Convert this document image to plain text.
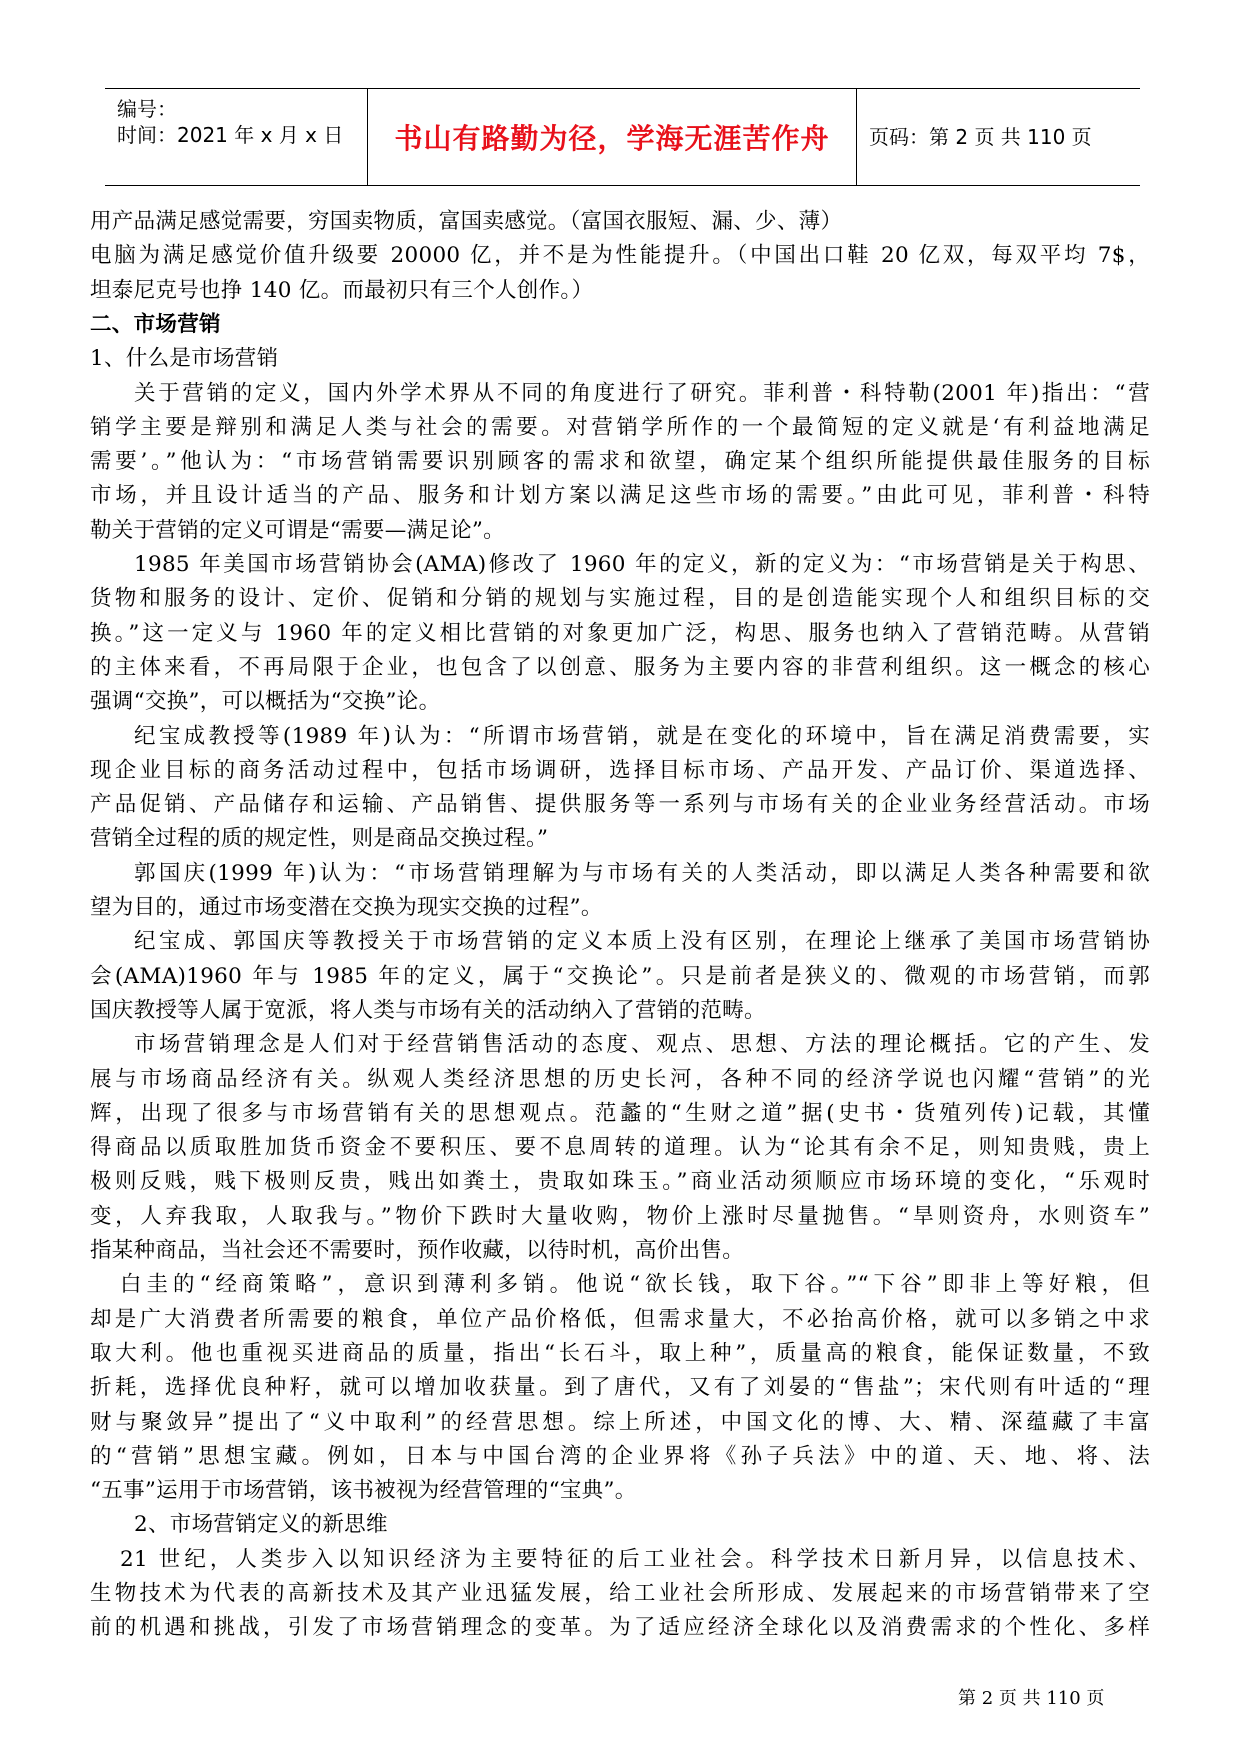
编号：
时间：2021 年 x 月 x 日	书山有路勤为径，学海无涯苦作舟	页码：第 2 页 共 110 页
用产品满足感觉需要，穷国卖物质，富国卖感觉。（富国衣服短、漏、少、薄）
电脑为满足感觉价值升级要 20000 亿，并不是为性能提升。（中国出口鞋 20 亿双，每双平均 7$，
坦泰尼克号也挣 140 亿。而最初只有三个人创作。）
二、市场营销
1、什么是市场营销
关于营销的定义，国内外学术界从不同的角度进行了研究。菲利普・科特勒(2001 年)指出：“营
销学主要是辩别和满足人类与社会的需要。对营销学所作的一个最简短的定义就是‘有利益地满足
需要’。”他认为：“市场营销需要识别顾客的需求和欲望，确定某个组织所能提供最佳服务的目标
市场，并且设计适当的产品、服务和计划方案以满足这些市场的需要。”由此可见，菲利普・科特
勒关于营销的定义可谓是“需要—满足论”。
1985 年美国市场营销协会(AMA)修改了 1960 年的定义，新的定义为：“市场营销是关于构思、
货物和服务的设计、定价、促销和分销的规划与实施过程，目的是创造能实现个人和组织目标的交
换。”这一定义与 1960 年的定义相比营销的对象更加广泛，构思、服务也纳入了营销范畴。从营销
的主体来看，不再局限于企业，也包含了以创意、服务为主要内容的非营利组织。这一概念的核心
强调“交换”，可以概括为“交换”论。
纪宝成教授等(1989 年)认为：“所谓市场营销，就是在变化的环境中，旨在满足消费需要，实
现企业目标的商务活动过程中，包括市场调研，选择目标市场、产品开发、产品订价、渠道选择、
产品促销、产品储存和运输、产品销售、提供服务等一系列与市场有关的企业业务经营活动。市场
营销全过程的质的规定性，则是商品交换过程。”
郭国庆(1999 年)认为：“市场营销理解为与市场有关的人类活动，即以满足人类各种需要和欲
望为目的，通过市场变潜在交换为现实交换的过程”。
纪宝成、郭国庆等教授关于市场营销的定义本质上没有区别，在理论上继承了美国市场营销协
会(AMA)1960 年与 1985 年的定义，属于“交换论”。只是前者是狭义的、微观的市场营销，而郭
国庆教授等人属于宽派，将人类与市场有关的活动纳入了营销的范畴。
市场营销理念是人们对于经营销售活动的态度、观点、思想、方法的理论概括。它的产生、发
展与市场商品经济有关。纵观人类经济思想的历史长河，各种不同的经济学说也闪耀“营销”的光
辉，出现了很多与市场营销有关的思想观点。范蠡的“生财之道”据(史书・货殖列传)记载，其懂
得商品以质取胜加货币资金不要积压、要不息周转的道理。认为“论其有余不足，则知贵贱，贵上
极则反贱，贱下极则反贵，贱出如粪土，贵取如珠玉。”商业活动须顺应市场环境的变化，“乐观时
变，人弃我取，人取我与。”物价下跌时大量收购，物价上涨时尽量抛售。“旱则资舟，水则资车”
指某种商品，当社会还不需要时，预作收藏，以待时机，高价出售。
白圭的“经商策略”，意识到薄利多销。他说“欲长钱，取下谷。”“下谷”即非上等好粮，但
却是广大消费者所需要的粮食，单位产品价格低，但需求量大，不必抬高价格，就可以多销之中求
取大利。他也重视买进商品的质量，指出“长石斗，取上种”，质量高的粮食，能保证数量，不致
折耗，选择优良种籽，就可以增加收获量。到了唐代，又有了刘晏的“售盐”；宋代则有叶适的“理
财与聚敛异”提出了“义中取利”的经营思想。综上所述，中国文化的博、大、精、深蕴藏了丰富
的“营销”思想宝藏。例如，日本与中国台湾的企业界将《孙子兵法》中的道、天、地、将、法
“五事”运用于市场营销，该书被视为经营管理的“宝典”。
2、市场营销定义的新思维
21 世纪，人类步入以知识经济为主要特征的后工业社会。科学技术日新月异，以信息技术、
生物技术为代表的高新技术及其产业迅猛发展，给工业社会所形成、发展起来的市场营销带来了空
前的机遇和挑战，引发了市场营销理念的变革。为了适应经济全球化以及消费需求的个性化、多样
第 2 页 共 110 页
